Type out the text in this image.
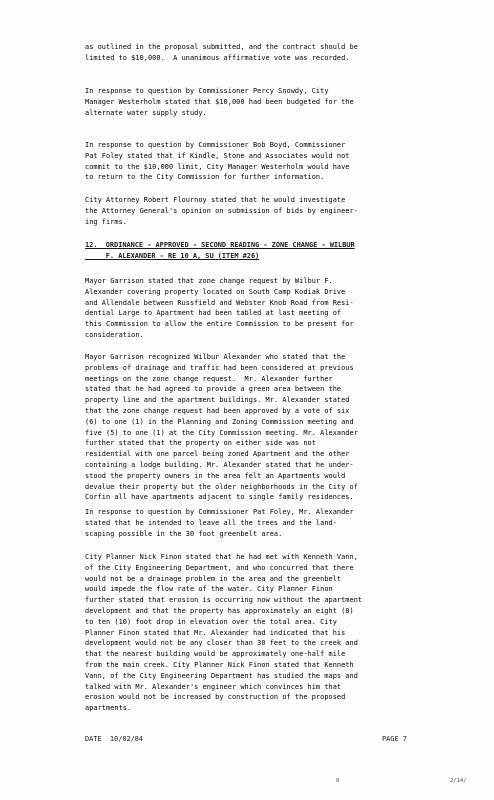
as outlined in the proposal submitted, and the contract should be
limited to $10,000.  A unanimous affirmative vote was recorded.
In response to question by Commissioner Percy Snowdy, City
Manager Westerholm stated that $10,000 had been budgeted for the
alternate water supply study.
In response to question by Commissioner Bob Boyd, Commissioner
Pat Foley stated that if Kindle, Stone and Associates would not
commit to the $10,000 limit, City Manager Westerholm would have
to return to the City Commission for further information.
City Attorney Robert Flournoy stated that he would investigate
the Attorney General's opinion on submission of bids by engineer-
ing firms.
12.  ORDINANCE - APPROVED - SECOND READING - ZONE CHANGE - WILBUR
F. ALEXANDER - RE 10 A, SU (ITEM #26)
Mayor Garrison stated that zone change request by Wilbur F.
Alexander covering property located on South Camp Kodiak Drive
and Allendale between Russfield and Webster Knob Road from Resi-
dential Large to Apartment had been tabled at last meeting of
this Commission to allow the entire Commission to be present for
consideration.
Mayor Garrison recognized Wilbur Alexander who stated that the
problems of drainage and traffic had been considered at previous
meetings on the zone change request.  Mr. Alexander further
stated that he had agreed to provide a green area between the
property line and the apartment buildings. Mr. Alexander stated
that the zone change request had been approved by a vote of six
(6) to one (1) in the Planning and Zoning Commission meeting and
five (5) to one (1) at the City Commission meeting. Mr. Alexander
further stated that the property on either side was not
residential with one parcel being zoned Apartment and the other
containing a lodge building. Mr. Alexander stated that he under-
stood the property owners in the area felt an Apartments would
devalue their property but the older neighborhoods in the City of
Corfin all have apartments adjacent to single family residences.
In response to question by Commissioner Pat Foley, Mr. Alexander
stated that he intended to leave all the trees and the land-
scaping possible in the 30 foot greenbelt area.
City Planner Nick Finon stated that he had met with Kenneth Vann,
of the City Engineering Department, and who concurred that there
would not be a drainage problem in the area and the greenbelt
would impede the flow rate of the water. City Planner Finon
further stated that erosion is occurring now without the apartment
development and that the property has approximately an eight (8)
to ten (10) foot drop in elevation over the total area. City
Planner Finon stated that Mr. Alexander had indicated that his
development would not be any closer than 30 feet to the creek and
that the nearest building would be approximately one-half mile
from the main creek. City Planner Nick Finon stated that Kenneth
Vann, of the City Engineering Department has studied the maps and
talked with Mr. Alexander's engineer which convinces him that
erosion would not be increased by construction of the proposed
apartments.
DATE  10/02/84	PAGE 7
0	2/14/
